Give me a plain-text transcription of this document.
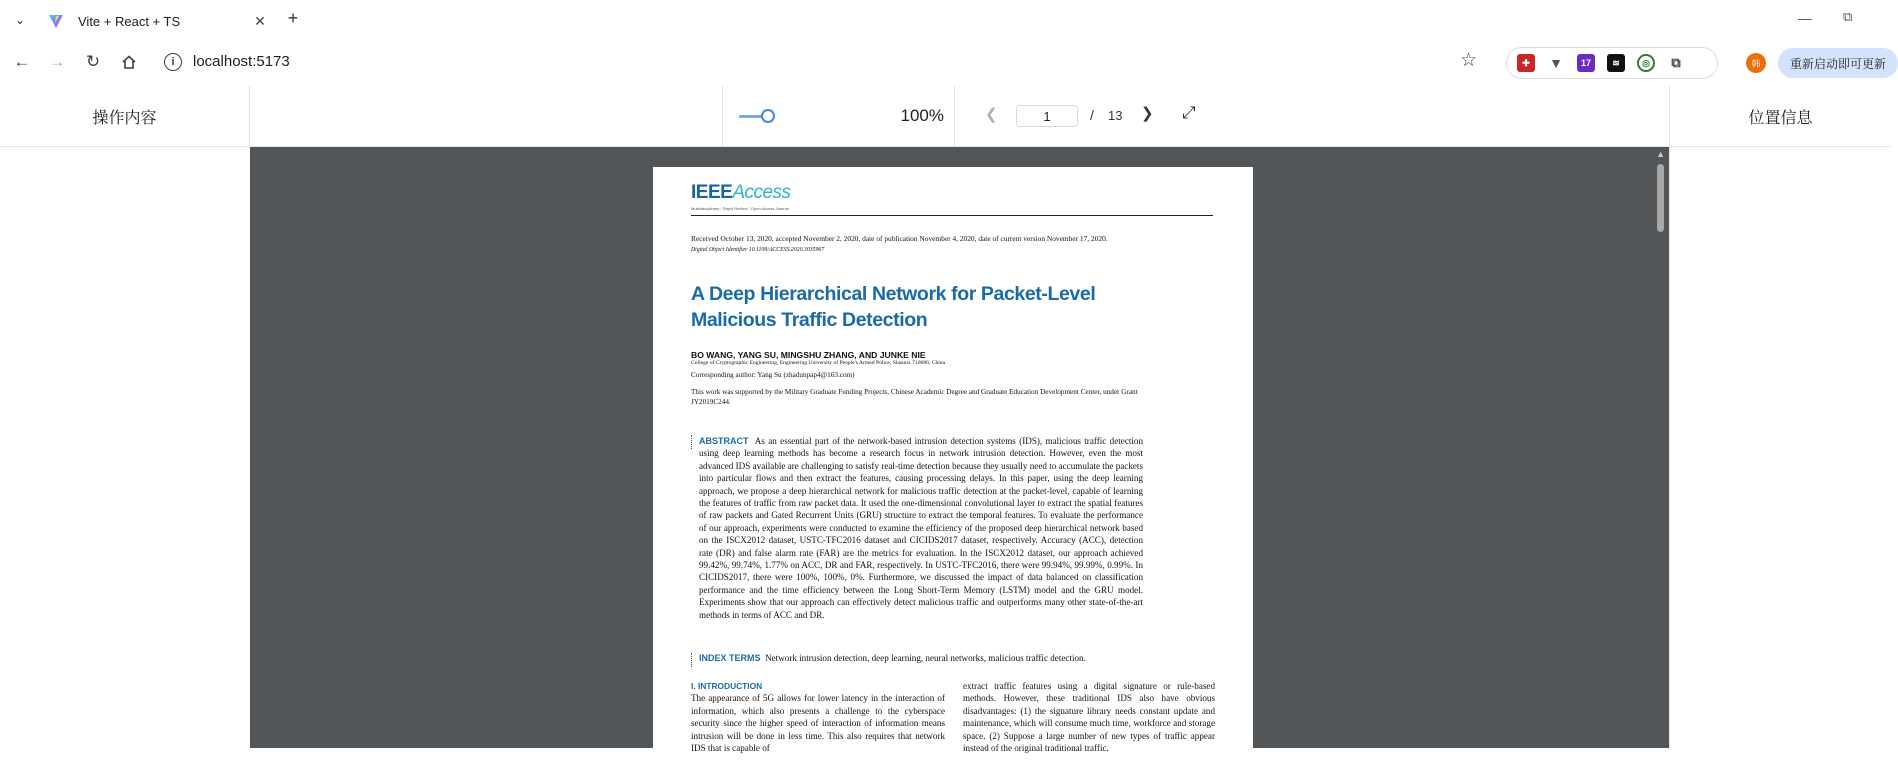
⌄	Vite + React + TS	✕	+	— ⧉
← → ↻	i	localhost:5173	☆	✚	▼ 17	≋	◎	⧉	韩	重新启动即可更新
操作内容	100%	❮
1	/ 13 ❯ ⤢	位置信息
▲
IEEEAccess
Multidisciplinary ⁝ Rapid Review ⁝ Open Access Journal
Received October 13, 2020, accepted November 2, 2020, date of publication November 4, 2020, date of current version November 17, 2020.
Digital Object Identifier 10.1109/ACCESS.2020.3035967
A Deep Hierarchical Network for Packet-Level Malicious Traffic Detection
BO WANG, YANG SU, MINGSHU ZHANG, AND JUNKE NIE
College of Cryptographic Engineering, Engineering University of People's Armed Police, Shaanxi 710086, China
Corresponding author: Yang Su (zhadunpap4@163.com)
This work was supported by the Military Graduate Funding Projects, Chinese Academic Degree and Graduate Education Development Center, under Grant JY2019C244.
ABSTRACT As an essential part of the network-based intrusion detection systems (IDS), malicious traffic detection using deep learning methods has become a research focus in network intrusion detection. However, even the most advanced IDS available are challenging to satisfy real-time detection because they usually need to accumulate the packets into particular flows and then extract the features, causing processing delays. In this paper, using the deep learning approach, we propose a deep hierarchical network for malicious traffic detection at the packet-level, capable of learning the features of traffic from raw packet data. It used the one-dimensional convolutional layer to extract the spatial features of raw packets and Gated Recurrent Units (GRU) structure to extract the temporal features. To evaluate the performance of our approach, experiments were conducted to examine the efficiency of the proposed deep hierarchical network based on the ISCX2012 dataset, USTC-TFC2016 dataset and CICIDS2017 dataset, respectively. Accuracy (ACC), detection rate (DR) and false alarm rate (FAR) are the metrics for evaluation. In the ISCX2012 dataset, our approach achieved 99.42%, 99.74%, 1.77% on ACC, DR and FAR, respectively. In USTC-TFC2016, there were 99.94%, 99.99%, 0.99%. In CICIDS2017, there were 100%, 100%, 0%. Furthermore, we discussed the impact of data balanced on classification performance and the time efficiency between the Long Short-Term Memory (LSTM) model and the GRU model. Experiments show that our approach can effectively detect malicious traffic and outperforms many other state-of-the-art methods in terms of ACC and DR.
INDEX TERMS Network intrusion detection, deep learning, neural networks, malicious traffic detection.
I. INTRODUCTION
The appearance of 5G allows for lower latency in the interaction of information, which also presents a challenge to the cyberspace security since the higher speed of interaction of information means intrusion will be done in less time. This also requires that network IDS that is capable of
extract traffic features using a digital signature or rule-based methods. However, these traditional IDS also have obvious disadvantages: (1) the signature library needs constant update and maintenance, which will consume much time, workforce and storage space. (2) Suppose a large number of new types of traffic appear instead of the original traditional traffic.
